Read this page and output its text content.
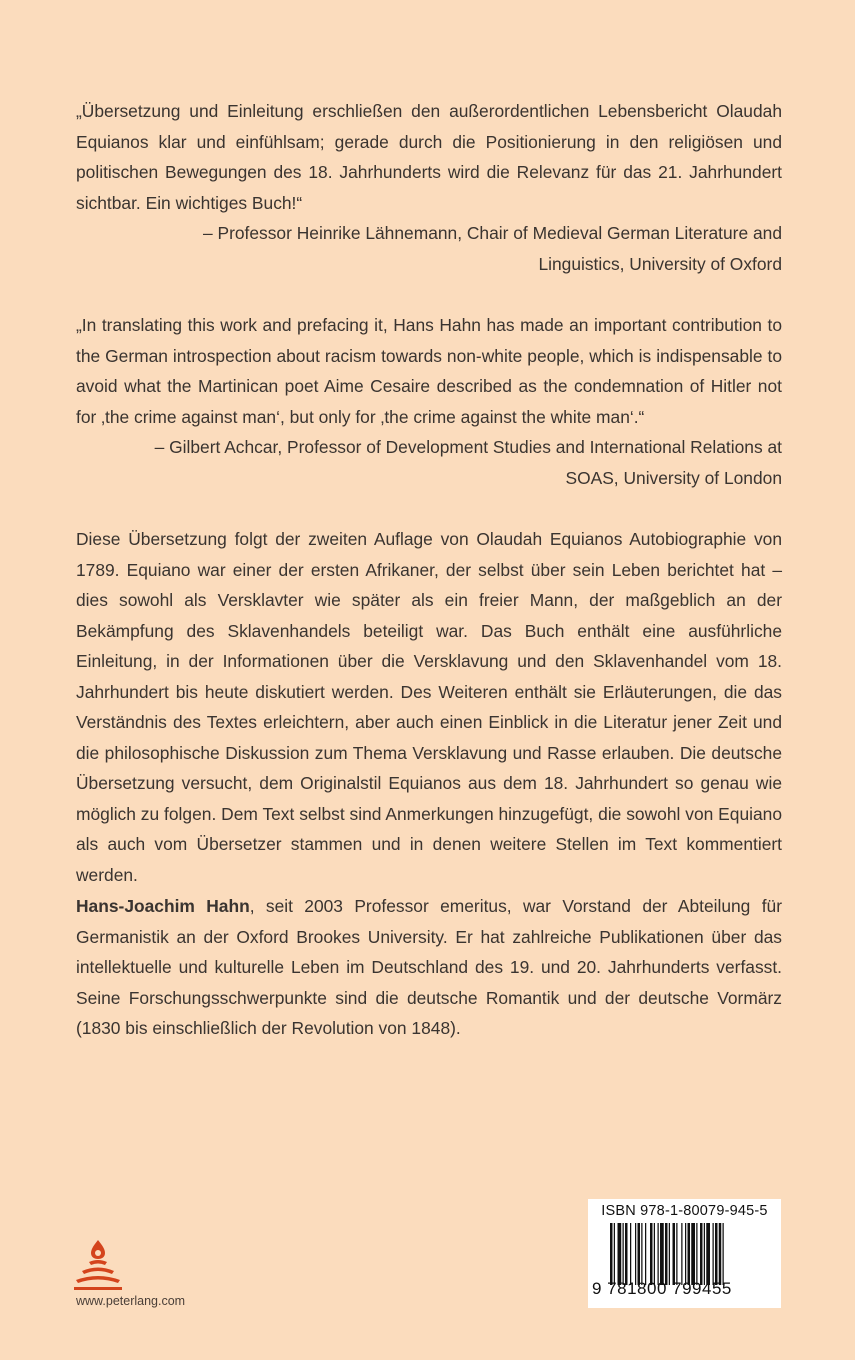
„Übersetzung und Einleitung erschließen den außerordentlichen Lebensbericht Olaudah Equianos klar und einfühlsam; gerade durch die Positionierung in den religiösen und politischen Bewegungen des 18. Jahrhunderts wird die Relevanz für das 21. Jahrhundert sichtbar. Ein wichtiges Buch!“

– Professor Heinrike Lähnemann, Chair of Medieval German Literature and
Linguistics, University of Oxford

„In translating this work and prefacing it, Hans Hahn has made an important contribution to the German introspection about racism towards non-white people, which is indispensable to avoid what the Martinican poet Aime Cesaire described as the condemnation of Hitler not for ‚the crime against man‘, but only for ‚the crime against the white man‘.“

– Gilbert Achcar, Professor of Development Studies and International Relations at
SOAS, University of London

Diese Übersetzung folgt der zweiten Auflage von Olaudah Equianos Autobiographie von 1789. Equiano war einer der ersten Afrikaner, der selbst über sein Leben berichtet hat – dies sowohl als Versklavter wie später als ein freier Mann, der maßgeblich an der Bekämpfung des Sklavenhandels beteiligt war. Das Buch enthält eine ausführliche Einleitung, in der Informationen über die Versklavung und den Sklavenhandel vom 18. Jahrhundert bis heute diskutiert werden. Des Weiteren enthält sie Erläuterungen, die das Verständnis des Textes erleichtern, aber auch einen Einblick in die Literatur jener Zeit und die philosophische Diskussion zum Thema Versklavung und Rasse erlauben. Die deutsche Übersetzung versucht, dem Originalstil Equianos aus dem 18. Jahrhundert so genau wie möglich zu folgen. Dem Text selbst sind Anmerkungen hinzugefügt, die sowohl von Equiano als auch vom Übersetzer stammen und in denen weitere Stellen im Text kommentiert werden.

Hans-Joachim Hahn, seit 2003 Professor emeritus, war Vorstand der Abteilung für Germanistik an der Oxford Brookes University. Er hat zahlreiche Publikationen über das intellektuelle und kulturelle Leben im Deutschland des 19. und 20. Jahrhunderts verfasst. Seine Forschungsschwerpunkte sind die deutsche Romantik und der deutsche Vormärz (1830 bis einschließlich der Revolution von 1848).

www.peterlang.com
ISBN 978-1-80079-945-5
9 781800 799455
